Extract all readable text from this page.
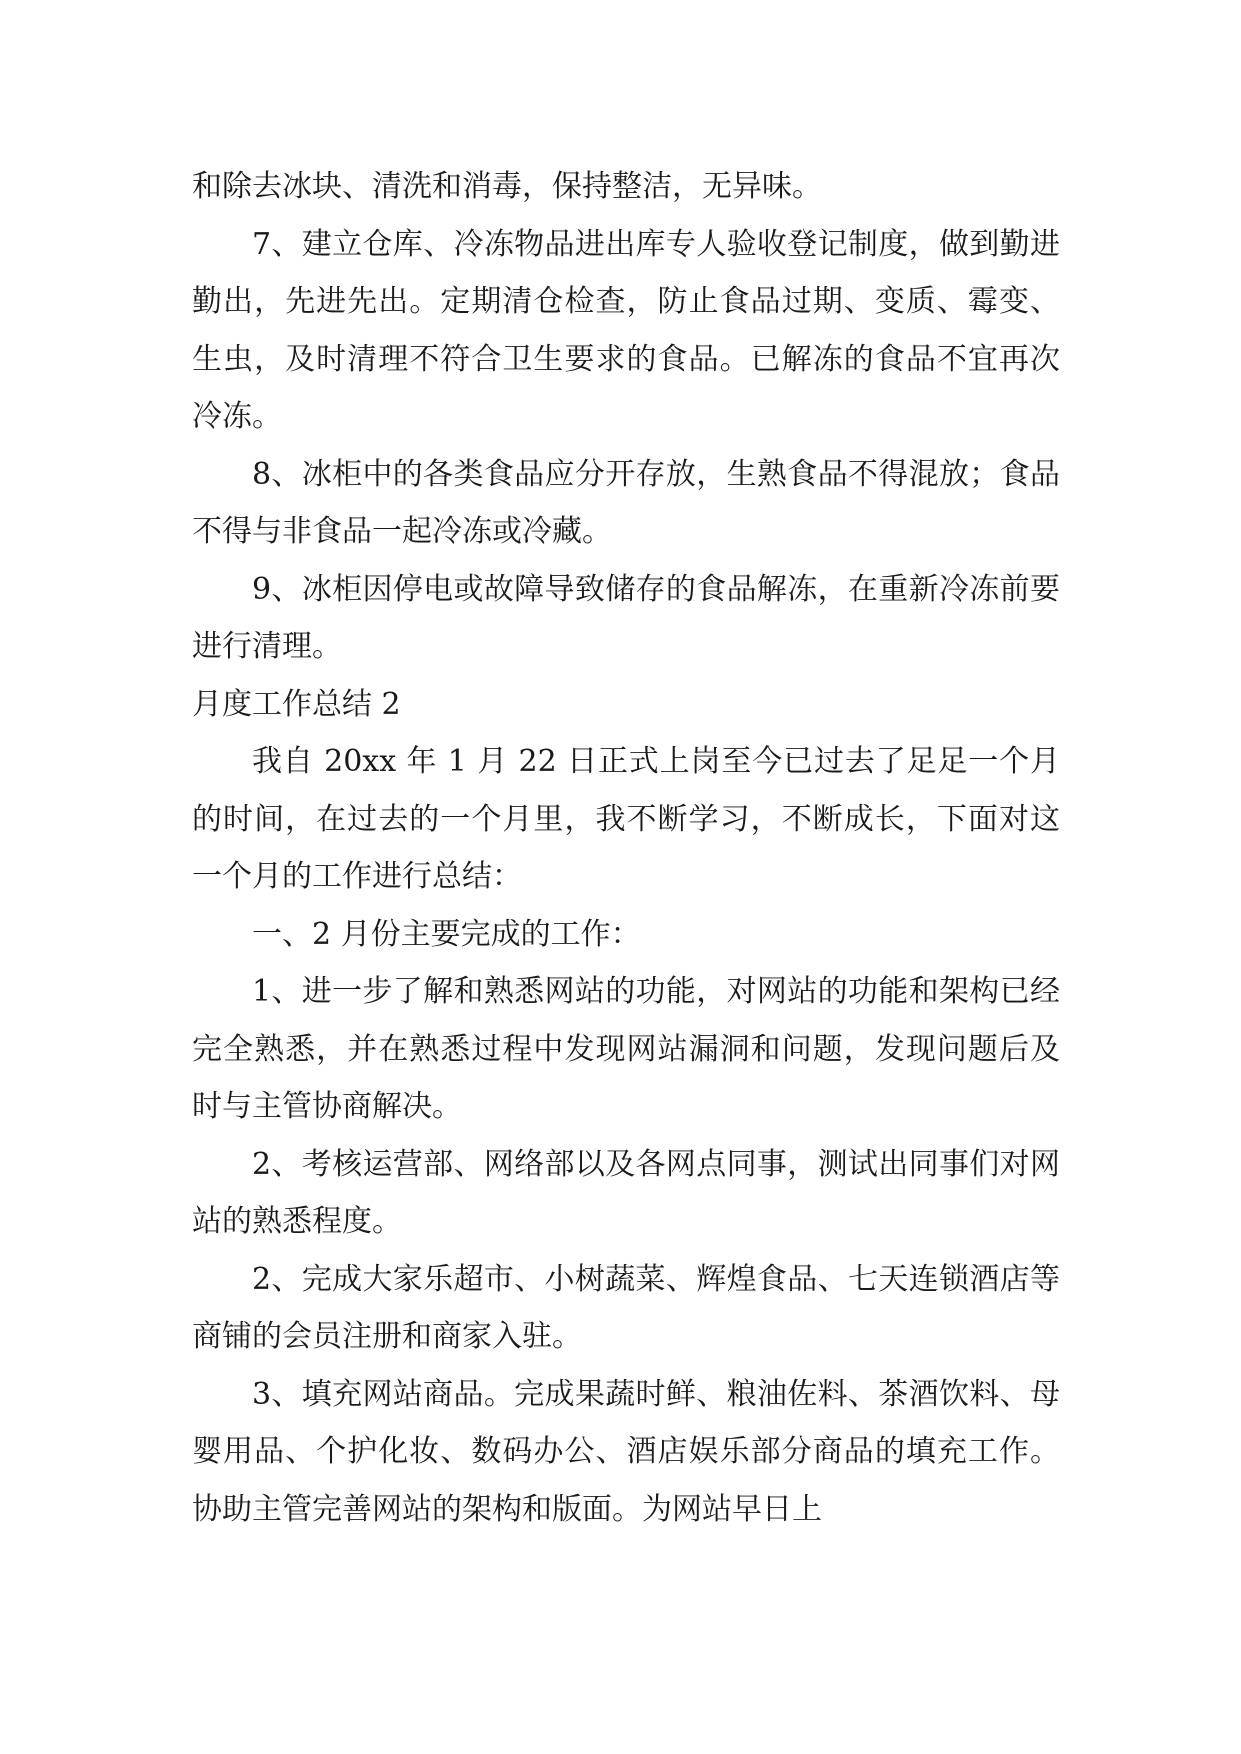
和除去冰块、清洗和消毒，保持整洁，无异味。

7、建立仓库、冷冻物品进出库专人验收登记制度，做到勤进勤出，先进先出。定期清仓检查，防止食品过期、变质、霉变、生虫，及时清理不符合卫生要求的食品。已解冻的食品不宜再次冷冻。

8、冰柜中的各类食品应分开存放，生熟食品不得混放；食品不得与非食品一起冷冻或冷藏。

9、冰柜因停电或故障导致储存的食品解冻，在重新冷冻前要进行清理。

月度工作总结 2

我自 20xx 年 1 月 22 日正式上岗至今已过去了足足一个月的时间，在过去的一个月里，我不断学习，不断成长，下面对这一个月的工作进行总结：

一、2 月份主要完成的工作：

1、进一步了解和熟悉网站的功能，对网站的功能和架构已经完全熟悉，并在熟悉过程中发现网站漏洞和问题，发现问题后及时与主管协商解决。

2、考核运营部、网络部以及各网点同事，测试出同事们对网站的熟悉程度。

2、完成大家乐超市、小树蔬菜、辉煌食品、七天连锁酒店等商铺的会员注册和商家入驻。

3、填充网站商品。完成果蔬时鲜、粮油佐料、茶酒饮料、母婴用品、个护化妆、数码办公、酒店娱乐部分商品的填充工作。协助主管完善网站的架构和版面。为网站早日上
